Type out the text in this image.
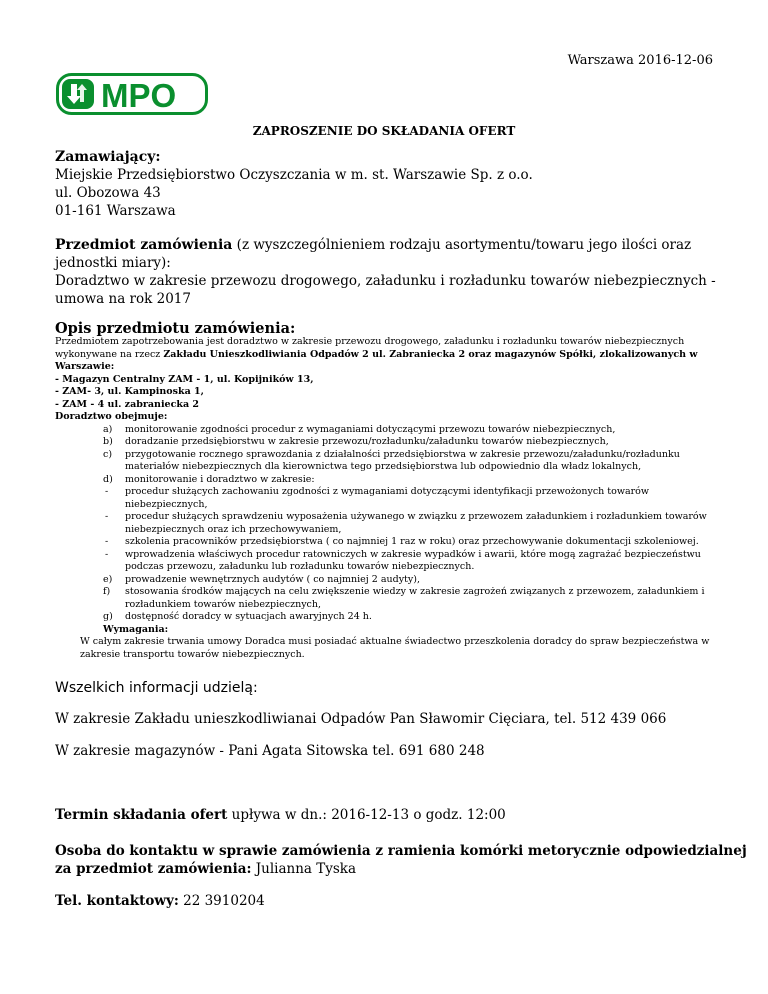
Warszawa 2016-12-06
MPO
ZAPROSZENIE DO SKŁADANIA OFERT
Zamawiający:
Miejskie Przedsiębiorstwo Oczyszczania w m. st. Warszawie Sp. z o.o.
ul. Obozowa 43
01-161 Warszawa
Przedmiot zamówienia (z wyszczególnieniem rodzaju asortymentu/towaru jego ilości oraz
jednostki miary):
Doradztwo w zakresie przewozu drogowego, załadunku i rozładunku towarów niebezpiecznych -
umowa na rok 2017
Opis przedmiotu zamówienia:
Przedmiotem zapotrzebowania jest doradztwo w zakresie przewozu drogowego, załadunku i rozładunku towarów niebezpiecznych
wykonywane na rzecz Zakładu Unieszkodliwiania Odpadów 2 ul. Zabraniecka 2 oraz magazynów Spółki, zlokalizowanych w
Warszawie:
- Magazyn Centralny ZAM - 1, ul. Kopijników 13,
- ZAM- 3, ul. Kampinoska 1,
- ZAM - 4 ul. zabraniecka 2
Doradztwo obejmuje:
a) monitorowanie zgodności procedur z wymaganiami dotyczącymi przewozu towarów niebezpiecznych,
b) doradzanie przedsiębiorstwu w zakresie przewozu/rozładunku/załadunku towarów niebezpiecznych,
c) przygotowanie rocznego sprawozdania z działalności przedsiębiorstwa w zakresie przewozu/załadunku/rozładunku
materiałów niebezpiecznych dla kierownictwa tego przedsiębiorstwa lub odpowiednio dla władz lokalnych,
d) monitorowanie i doradztwo w zakresie:
- procedur służących zachowaniu zgodności z wymaganiami dotyczącymi identyfikacji przewożonych towarów
niebezpiecznych,
- procedur służących sprawdzeniu wyposażenia używanego w związku z przewozem załadunkiem i rozładunkiem towarów
niebezpiecznych oraz ich przechowywaniem,
- szkolenia pracowników przedsiębiorstwa ( co najmniej 1 raz w roku) oraz przechowywanie dokumentacji szkoleniowej.
- wprowadzenia właściwych procedur ratowniczych w zakresie wypadków i awarii, które mogą zagrażać bezpieczeństwu
podczas przewozu, załadunku lub rozładunku towarów niebezpiecznych.
e) prowadzenie wewnętrznych audytów ( co najmniej 2 audyty),
f) stosowania środków mających na celu zwiększenie wiedzy w zakresie zagrożeń związanych z przewozem, załadunkiem i
rozładunkiem towarów niebezpiecznych,
g) dostępność doradcy w sytuacjach awaryjnych 24 h.
Wymagania:
W całym zakresie trwania umowy Doradca musi posiadać aktualne świadectwo przeszkolenia doradcy do spraw bezpieczeństwa w
zakresie transportu towarów niebezpiecznych.
Wszelkich informacji udzielą:
W zakresie Zakładu unieszkodliwianai Odpadów Pan Sławomir Cięciara, tel. 512 439 066
W zakresie magazynów - Pani Agata Sitowska tel. 691 680 248
Termin składania ofert upływa w dn.: 2016-12-13 o godz. 12:00
Osoba do kontaktu w sprawie zamówienia z ramienia komórki metorycznie odpowiedzialnej
za przedmiot zamówienia: Julianna Tyska
Tel. kontaktowy: 22 3910204
